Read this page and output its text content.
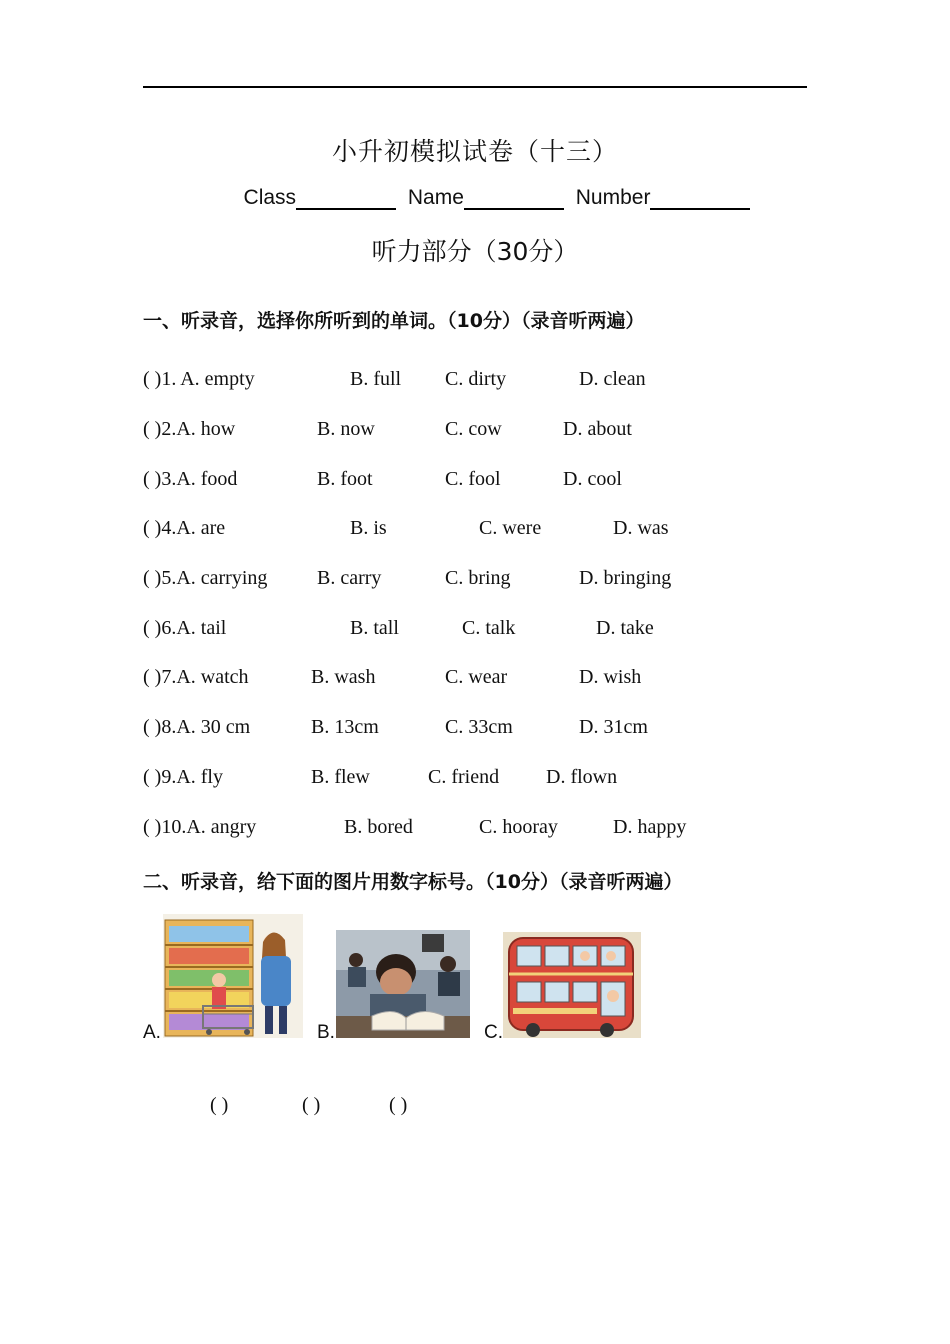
小升初模拟试卷（十三）
Class	Name	Number
听力部分（30分）
一、听录音，选择你所听到的单词。（10分）（录音听两遍）
( )1. A. empty	B. full C. dirty	D. clean
( )2.A. how	B. now	C. cow	D. about
( )3.A. food	B. foot	C. fool	D. cool
( )4.A. are	B. is	C. were	D. was
( )5.A. carrying B. carry	C. bring	D. bringing
( )6.A. tail	B. tall	C. talk	D. take
( )7.A. watch	B. wash	C. wear	D. wish
( )8.A. 30 cm	B. 13cm	C. 33cm	D. 31cm
( )9.A. fly	B. flew	C. friend D. flown
( )10.A. angry	B. bored	C. hooray	D. happy
二、听录音，给下面的图片用数字标号。（10分）（录音听两遍）
A.	B.	C.
( )	( )	( )
